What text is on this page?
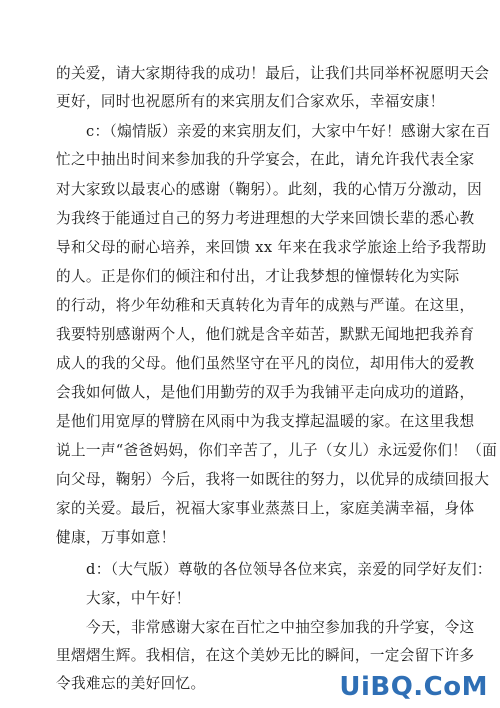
的关爱，请大家期待我的成功！最后，让我们共同举杯祝愿明天会
更好，同时也祝愿所有的来宾朋友们合家欢乐，幸福安康！
c：（煽情版）亲爱的来宾朋友们，大家中午好！感谢大家在百
忙之中抽出时间来参加我的升学宴会，在此，请允许我代表全家
对大家致以最衷心的感谢（鞠躬）。此刻，我的心情万分激动，因
为我终于能通过自己的努力考进理想的大学来回馈长辈的悉心教
导和父母的耐心培养，来回馈 xx 年来在我求学旅途上给予我帮助
的人。正是你们的倾注和付出，才让我梦想的憧憬转化为实际
的行动，将少年幼稚和天真转化为青年的成熟与严谨。在这里，
我要特别感谢两个人，他们就是含辛茹苦，默默无闻地把我养育
成人的我的父母。他们虽然坚守在平凡的岗位，却用伟大的爱教
会我如何做人，是他们用勤劳的双手为我铺平走向成功的道路，
是他们用宽厚的臂膀在风雨中为我支撑起温暖的家。在这里我想
说上一声“爸爸妈妈，你们辛苦了，儿子（女儿）永远爱你们！（面
向父母，鞠躬）今后，我将一如既往的努力，以优异的成绩回报大
家的关爱。最后，祝福大家事业蒸蒸日上，家庭美满幸福，身体
健康，万事如意！
d：（大气版）尊敬的各位领导各位来宾，亲爱的同学好友们：
大家，中午好！
今天，非常感谢大家在百忙之中抽空参加我的升学宴，令这
里熠熠生辉。我相信，在这个美妙无比的瞬间，一定会留下许多
令我难忘的美好回忆。	UiBQ.CoM
